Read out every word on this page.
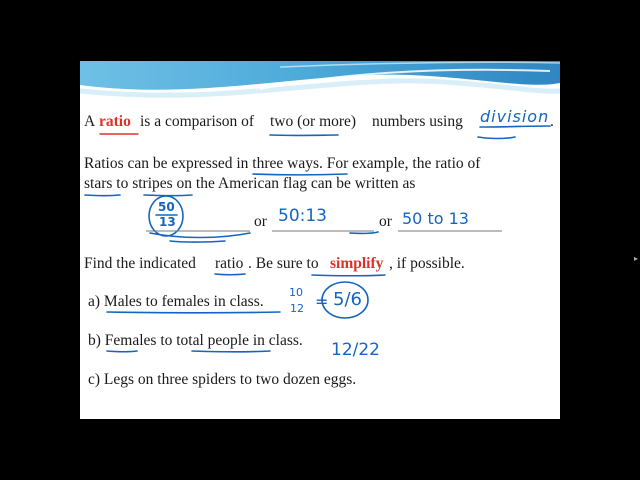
A ratio is a comparison of two (or more) numbers using division .
Ratios can be expressed in three ways. For example, the ratio of
stars to stripes on the American flag can be written as
50
13	or 50:13	or 50 to 13
Find the indicated ratio . Be sure to simplify , if possible.
a) Males to females in class.
10
12 = 5/6
b) Females to total people in class. 12/22
c) Legs on three spiders to two dozen eggs.
▸
